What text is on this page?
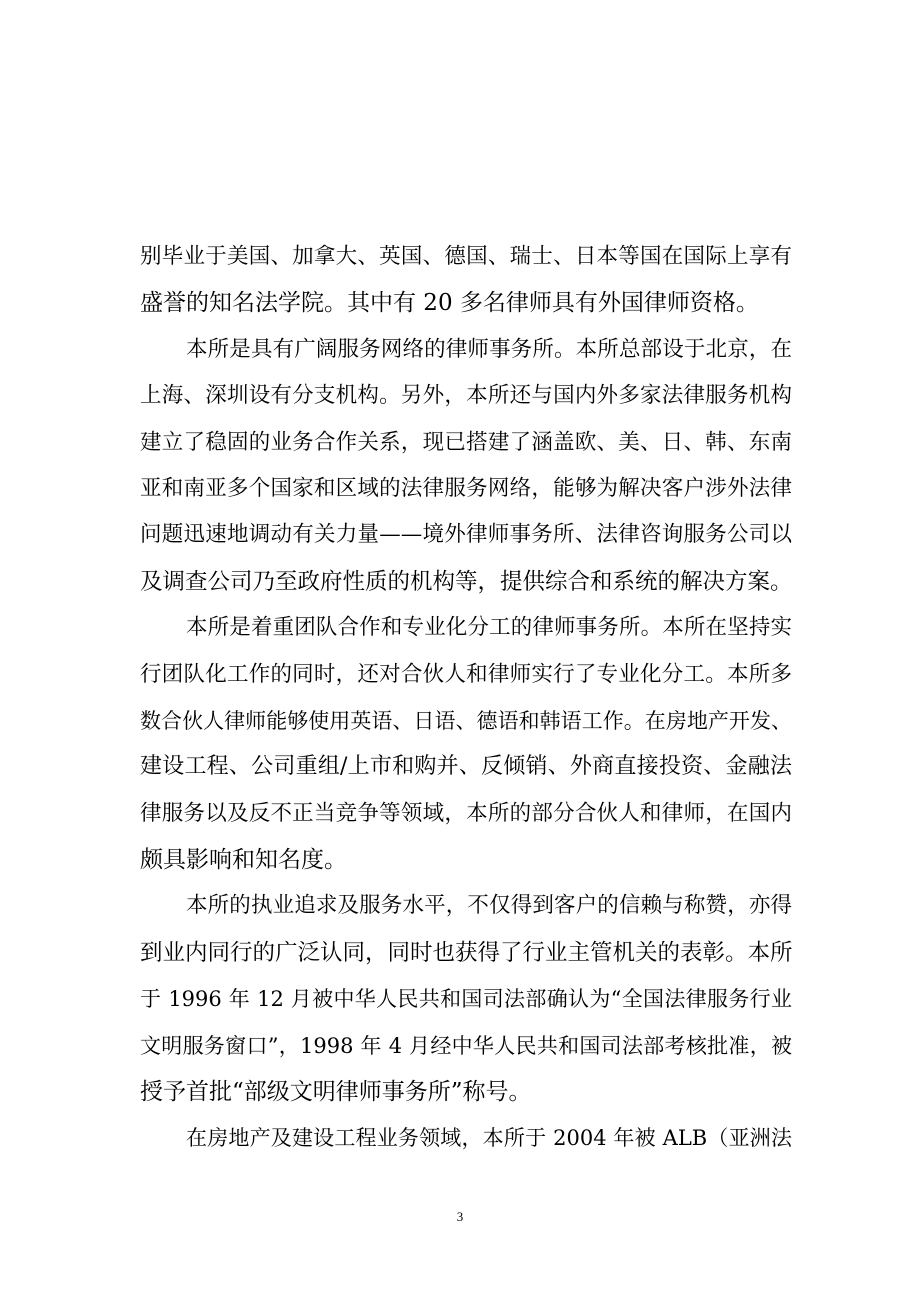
别毕业于美国、加拿大、英国、德国、瑞士、日本等国在国际上享有
盛誉的知名法学院。其中有 20 多名律师具有外国律师资格。
本所是具有广阔服务网络的律师事务所。本所总部设于北京，在
上海、深圳设有分支机构。另外，本所还与国内外多家法律服务机构
建立了稳固的业务合作关系，现已搭建了涵盖欧、美、日、韩、东南
亚和南亚多个国家和区域的法律服务网络，能够为解决客户涉外法律
问题迅速地调动有关力量——境外律师事务所、法律咨询服务公司以
及调查公司乃至政府性质的机构等，提供综合和系统的解决方案。
本所是着重团队合作和专业化分工的律师事务所。本所在坚持实
行团队化工作的同时，还对合伙人和律师实行了专业化分工。本所多
数合伙人律师能够使用英语、日语、德语和韩语工作。在房地产开发、
建设工程、公司重组/上市和购并、反倾销、外商直接投资、金融法
律服务以及反不正当竞争等领域，本所的部分合伙人和律师，在国内
颇具影响和知名度。
本所的执业追求及服务水平，不仅得到客户的信赖与称赞，亦得
到业内同行的广泛认同，同时也获得了行业主管机关的表彰。本所
于 1996 年 12 月被中华人民共和国司法部确认为“全国法律服务行业
文明服务窗口”，1998 年 4 月经中华人民共和国司法部考核批准，被
授予首批“部级文明律师事务所”称号。
在房地产及建设工程业务领域，本所于 2004 年被 ALB（亚洲法
3
